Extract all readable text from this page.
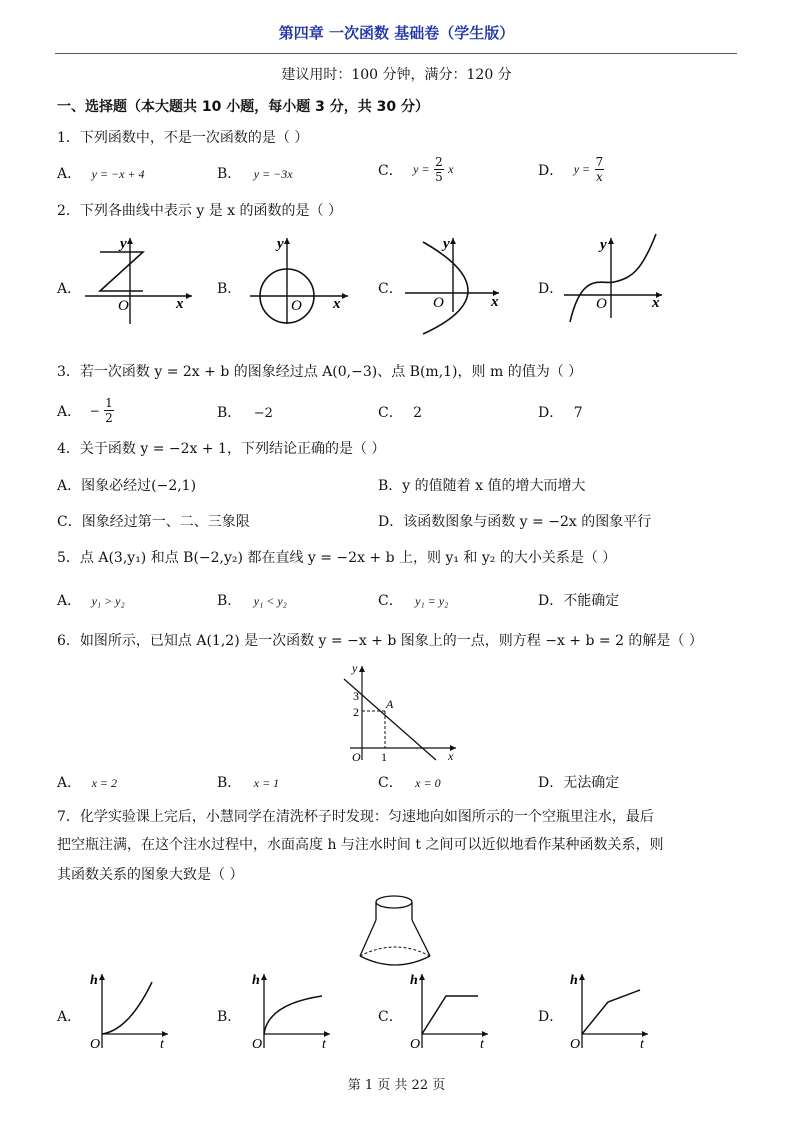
第四章 一次函数 基础卷（学生版）
建议用时：100 分钟，满分：120 分
一、选择题（本大题共 10 小题，每小题 3 分，共 30 分）
1．下列函数中，不是一次函数的是（ ）
A． y = −x + 4	B． y = −3x	C． $y = \frac{2}{5}$ x	D． $y = \frac{7}{x}$
2．下列各曲线中表示 y 是 x 的函数的是（ ）
A．	B．	C．	D．
O
y
x	O
y
x	O
y
x	O
y
x
3．若一次函数 y = 2x + b 的图象经过点 A(0,−3)、点 B(m,1)，则 m 的值为（ ）
A． − $\frac{1}{2}$	B． −2	C． 2	D． 7
4．关于函数 y = −2x + 1，下列结论正确的是（ ）
A．图象必经过(−2,1)	B．y 的值随着 x 值的增大而增大
C．图象经过第一、二、三象限	D．该函数图象与函数 y = −2x 的图象平行
5．点 A(3,y₁) 和点 B(−2,y₂) 都在直线 y = −2x + b 上，则 y₁ 和 y₂ 的大小关系是（ ）
A． y₁ > y₂	B． y₁ < y₂	C． y₁ = y₂	D．不能确定
6．如图所示，已知点 A(1,2) 是一次函数 y = −x + b 图象上的一点，则方程 −x + b = 2 的解是（ ）
O
y
x
3
2
1
A
A． x = 2	B． x = 1	C． x = 0	D．无法确定
7．化学实验课上完后，小慧同学在清洗杯子时发现：匀速地向如图所示的一个空瓶里注水，最后
把空瓶注满，在这个注水过程中，水面高度 h 与注水时间 t 之间可以近似地看作某种函数关系，则
其函数关系的图象大致是（ ）
A．	B．	C．	D．
O
h
t	O
h
t	O
h
t	O
h
t
第 1 页 共 22 页
